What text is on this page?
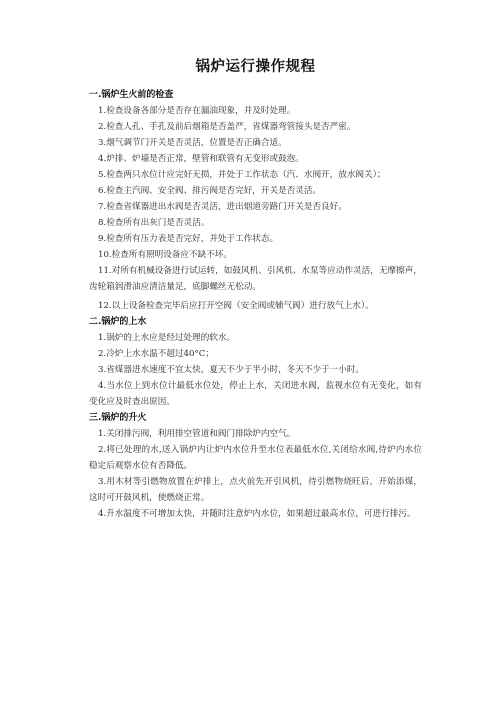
锅炉运行操作规程

一.锅炉生火前的检查

1.检查设备各部分是否存在漏油现象，并及时处理。

2.检查人孔、手孔及前后烟箱是否盖严，省煤器弯管接头是否严密。

3.烟气调节门开关是否灵活，位置是否正确合适。

4.炉排、炉墙是否正常，壁管和联管有无变形或鼓泡。

5.检查两只水位计应完好无损，并处于工作状态（汽、水阀开，放水阀关）；

6.检查主汽阀、安全阀、排污阀是否完好，开关是否灵活。

7.检查省煤器进出水阀是否灵活，进出烟道旁路门开关是否良好。

8.检查所有出灰门是否灵活。

9.检查所有压力表是否完好，并处于工作状态。

10.检查所有照明设备应不缺不坏。

11.对所有机械设备进行试运转，如鼓风机、引风机、水泵等应动作灵活，无摩擦声，齿轮箱润滑油应清洁量足，底脚螺丝无松动。

12.以上设备检查完毕后应打开空阀（安全阀或辅气阀）进行放气上水）。

二.锅炉的上水

1.锅炉的上水应是经过处理的软水。

2.冷炉上水水温不超过40°C；

3.省煤器进水速度不宜太快，夏天不少于半小时，冬天不少于一小时。

4.当水位上到水位计最低水位处，停止上水，关闭进水阀，监视水位有无变化，如有变化应及时查出原因。

三.锅炉的升火

1.关闭排污阀，利用排空管道和阀门排除炉内空气。

2.将已处理的水,送入锅炉内让炉内水位升至水位表最低水位,关闭给水阀,待炉内水位稳定后观察水位有否降低。

3.用木材等引燃物放置在炉排上，点火前先开引风机，待引燃物烧旺后，开始添煤，这时可开鼓风机，使燃烧正常。

4.升水温度不可增加太快，并随时注意炉内水位，如果超过最高水位，可进行排污。
